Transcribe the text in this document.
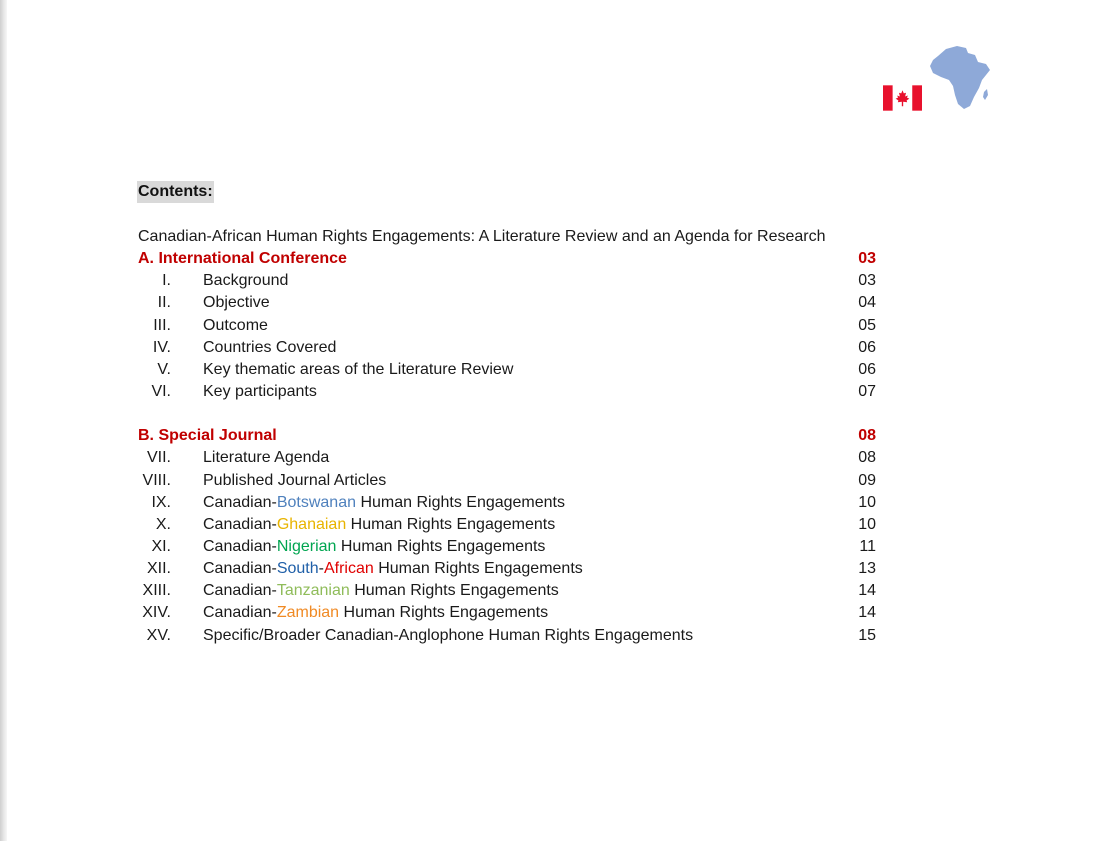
Contents:
Canadian-African Human Rights Engagements: A Literature Review and an Agenda for Research
A. International Conference	03
I. Background	03
II. Objective	04
III. Outcome	05
IV. Countries Covered	06
V. Key thematic areas of the Literature Review	06
VI. Key participants	07
B. Special Journal	08
VII. Literature Agenda	08
VIII. Published Journal Articles	09
IX. Canadian-Botswanan Human Rights Engagements	10
X. Canadian-Ghanaian Human Rights Engagements	10
XI. Canadian-Nigerian Human Rights Engagements	11
XII. Canadian-South-African Human Rights Engagements	13
XIII. Canadian-Tanzanian Human Rights Engagements	14
XIV. Canadian-Zambian Human Rights Engagements	14
XV. Specific/Broader Canadian-Anglophone Human Rights Engagements	15
